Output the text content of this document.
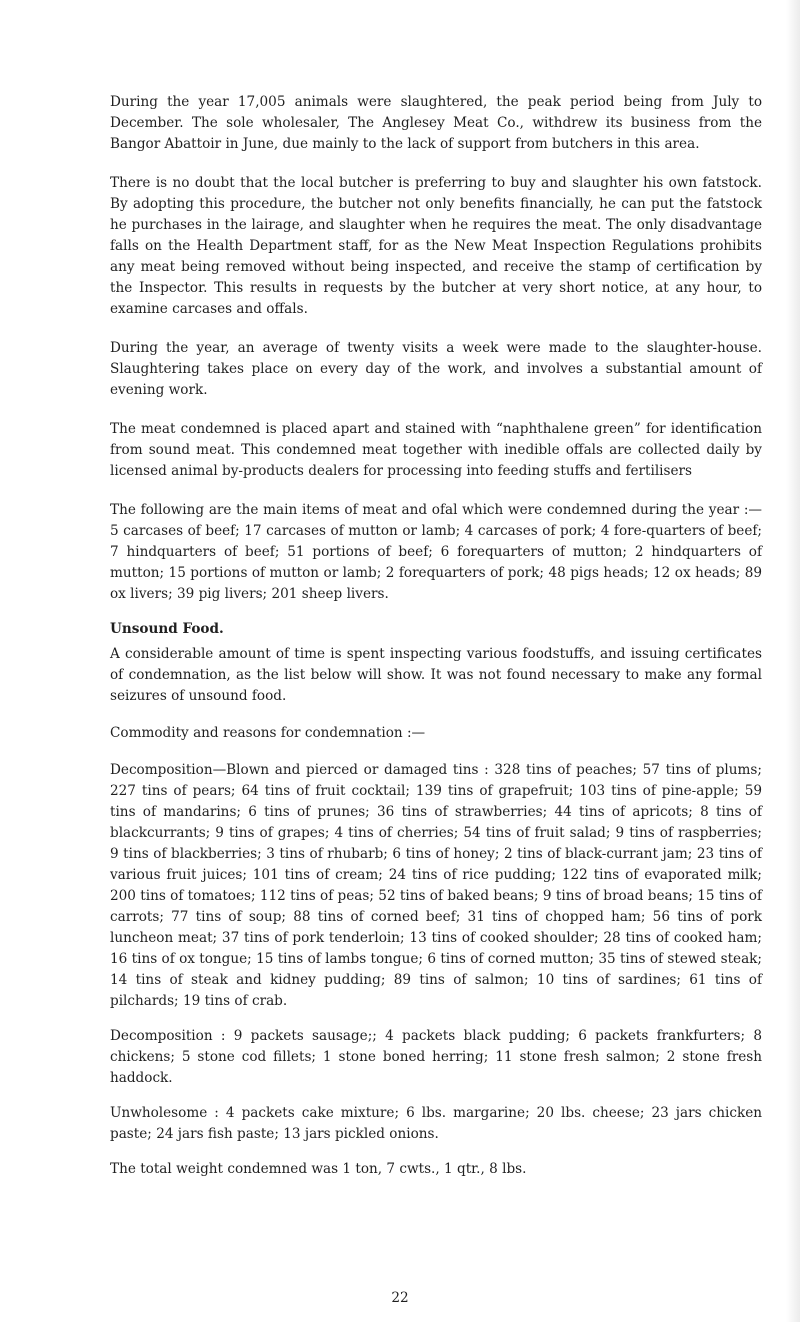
During the year 17,005 animals were slaughtered, the peak period being from July to December. The sole wholesaler, The Anglesey Meat Co., withdrew its business from the Bangor Abattoir in June, due mainly to the lack of support from butchers in this area.

There is no doubt that the local butcher is preferring to buy and slaughter his own fatstock. By adopting this procedure, the butcher not only benefits financially, he can put the fatstock he purchases in the lairage, and slaughter when he requires the meat. The only disadvantage falls on the Health Department staff, for as the New Meat Inspection Regulations prohibits any meat being removed without being inspected, and receive the stamp of certification by the Inspector. This results in requests by the butcher at very short notice, at any hour, to examine carcases and offals.

During the year, an average of twenty visits a week were made to the slaughter-house. Slaughtering takes place on every day of the work, and involves a substantial amount of evening work.

The meat condemned is placed apart and stained with “naphthalene green” for identification from sound meat. This condemned meat together with inedible offals are collected daily by licensed animal by-products dealers for processing into feeding stuffs and fertilisers

The following are the main items of meat and ofal which were condemned during the year :— 5 carcases of beef; 17 carcases of mutton or lamb; 4 carcases of pork; 4 fore-quarters of beef; 7 hindquarters of beef; 51 portions of beef; 6 forequarters of mutton; 2 hindquarters of mutton; 15 portions of mutton or lamb; 2 forequarters of pork; 48 pigs heads; 12 ox heads; 89 ox livers; 39 pig livers; 201 sheep livers.

Unsound Food.

A considerable amount of time is spent inspecting various foodstuffs, and issuing certificates of condemnation, as the list below will show. It was not found necessary to make any formal seizures of unsound food.

Commodity and reasons for condemnation :—

Decomposition—Blown and pierced or damaged tins : 328 tins of peaches; 57 tins of plums; 227 tins of pears; 64 tins of fruit cocktail; 139 tins of grapefruit; 103 tins of pine-apple; 59 tins of mandarins; 6 tins of prunes; 36 tins of strawberries; 44 tins of apricots; 8 tins of blackcurrants; 9 tins of grapes; 4 tins of cherries; 54 tins of fruit salad; 9 tins of raspberries; 9 tins of blackberries; 3 tins of rhubarb; 6 tins of honey; 2 tins of black-currant jam; 23 tins of various fruit juices; 101 tins of cream; 24 tins of rice pudding; 122 tins of evaporated milk; 200 tins of tomatoes; 112 tins of peas; 52 tins of baked beans; 9 tins of broad beans; 15 tins of carrots; 77 tins of soup; 88 tins of corned beef; 31 tins of chopped ham; 56 tins of pork luncheon meat; 37 tins of pork tenderloin; 13 tins of cooked shoulder; 28 tins of cooked ham; 16 tins of ox tongue; 15 tins of lambs tongue; 6 tins of corned mutton; 35 tins of stewed steak; 14 tins of steak and kidney pudding; 89 tins of salmon; 10 tins of sardines; 61 tins of pilchards; 19 tins of crab.

Decomposition : 9 packets sausage;; 4 packets black pudding; 6 packets frankfurters; 8 chickens; 5 stone cod fillets; 1 stone boned herring; 11 stone fresh salmon; 2 stone fresh haddock.

Unwholesome : 4 packets cake mixture; 6 lbs. margarine; 20 lbs. cheese; 23 jars chicken paste; 24 jars fish paste; 13 jars pickled onions.

The total weight condemned was 1 ton, 7 cwts., 1 qtr., 8 lbs.

22
